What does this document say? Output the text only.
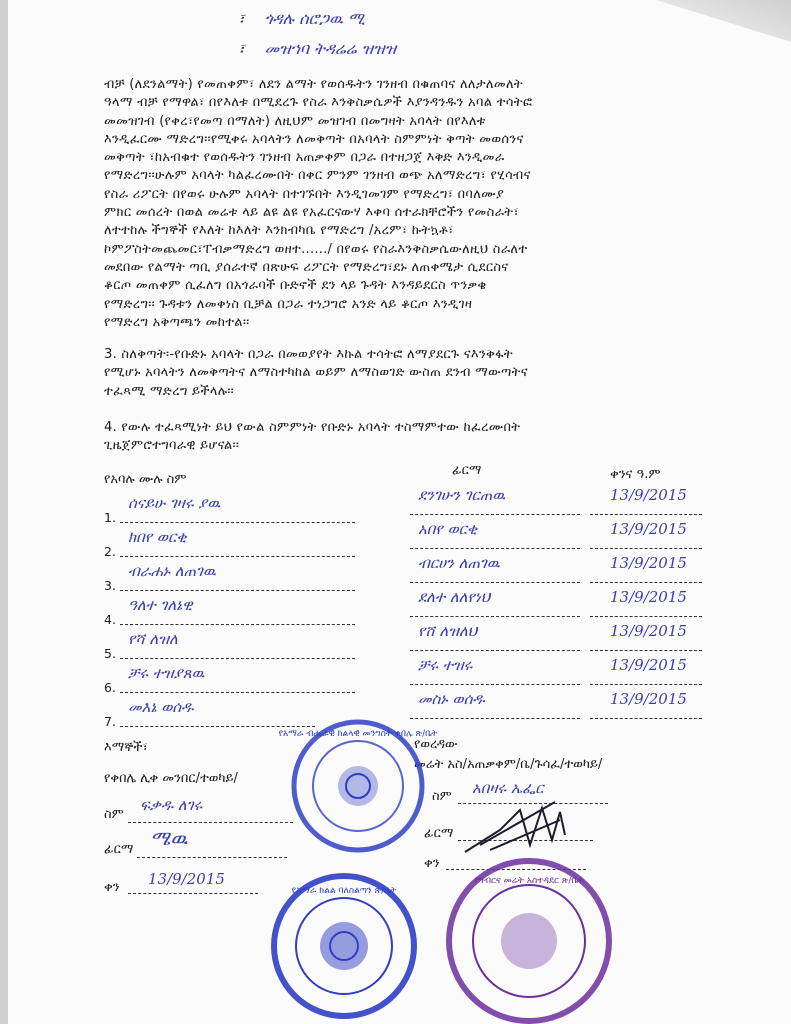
፣ ጎዳሉ ሰሮጋዉ ሚ
፣ መዝኀባ ትዳሬሬ ዝዝዝ
ብቻ (ለደንልማት) የመጠቀም፣ ለደን ልማት የወሰዱትን ገንዘብ በቁጠባና ለለታለመለት
ዓላማ ብቻ የማዋል፣ በየእለቱ በሚደረጉ የስራ እንቅስቃሴዎች እያንዳንዱን አባል ተሳትፎ
መመዝገብ (የቀረ፣የመጣ በማለት) ለዚህም መዝገብ በመግዛት አባላት በየእለቱ
እንዲፈርሙ ማድረግ፡፡የሚቀሩ አባላትን ለመቅጣት በአባላት ስምምነት ቅጣት መወሰንና
መቅጣት ፣ከአብቁተ የወሰዱትን ገንዘብ አጠቃቀም በጋራ በተዘጋጀ እቅድ እንዲመራ
የማድረግ፡፡ሁሉም አባላት ካልፈረሙበት በቀር ምንም ገንዘብ ወጭ አለማድረግ፣ የሂሳብና
የስራ ሪፖርት በየወሩ ሁሉም አባላት በተገኙበት እንዲገመገም የማድረግ፣ በባለሙያ
ምክር መሰረት በወል መሬቱ ላይ ልዩ ልዩ የአፈርናውሃ እቀባ ሰተራክቸሮችን የመስራት፣
ለተተከሉ ችግኞች የእለት ከእለት እንክብካቤ የማድረግ /አረም፣ ኩትኳቶ፣
ኮምፖስትመጨመር፣ፐብቃማድረግ ወዘተ....../ በየወሩ የስራእንቅስቃሴውለዚህ ስራለተ
መደበው የልማት ጣቢ ያሰራተኛ በጽሁፍ ሪፖርት የማድረግ፣ደኑ ለጠቀሜታ ሲደርስና
ቆርጦ መጠቀም ሲፈለግ በአጎራባች ቡድኖች ደን ላይ ጉዳት እንዳይደርስ ጥንቃቄ
የማድረግ፡፡ ጉዳቱን ለመቀነስ ቢቻል በጋራ ተነጋግሮ አንድ ላይ ቆርጦ እንዲገዛ
የማድረግ አቅጣጫን መከተል፡፡
3. ስለቅጣት፡-የቡድኑ አባላት በጋራ በመወያየት እኩል ተሳትፎ ለማያደርጉ ናእንቅፋት
የሚሆኑ አባላትን ለመቅጣትና ለማስተካከል ወይም ለማስወገድ ውስጠ ደንብ ማውጣትና
ተፈጻሚ ማድረግ ይችላሉ፡፡
4. የውሉ ተፈጻሚነት ይህ የውል ስምምነት የቡድኑ አባላት ተስማምተው ከፈረሙበት
ጊዜጀምሮተግባራዊ ይሆናል፡፡
የአባሉ ሙሉ ስም
ፊርማ	ቀንና ዓ.ም
1.
ሰናይሁ ገዛሩ ያዉ	ደንገሁን ገርጠዉ	13/9/2015
2.
ክበየ ወርቂ	አበየ ወርቂ	13/9/2015
3.
ብራሐኑ ለጠገዉ	ብርሀን ለጠገዉ	13/9/2015
4.
ዓለተ ገለኔዊ	ደለተ ለለየነህ	13/9/2015
5.
የሻ ለዝለ	የሸ ለዝለህ	13/9/2015
6.
ቻሩ ተዝያጸዉ	ቻሩ ተዝሩ	13/9/2015
7.
መእኔ ወሰዱ	መስኑ ወሰዱ	13/9/2015
እማኞች፣
የቀበሌ ሊቀ መንበር/ተወካይ/
ስም
ፍቃዱ ለገሩ
ፊርማ ሜዉ
ቀን 13/9/2015
የወረዳው
መሬት አስ/አጠቃቀም/ቤ/ጉሳፈ/ተወካይ/
ስም አበዛሩ ኤፌር
ፊርማ
ቀን
የአማራ ብሔራዊ ክልላዊ መንግስት ቀበሌ ጽ/ቤት
የአማራ ክልል ባለስልጣን ጽ/ቤት
የግብርና መሬት አስተዳደር ጽ/ቤት
